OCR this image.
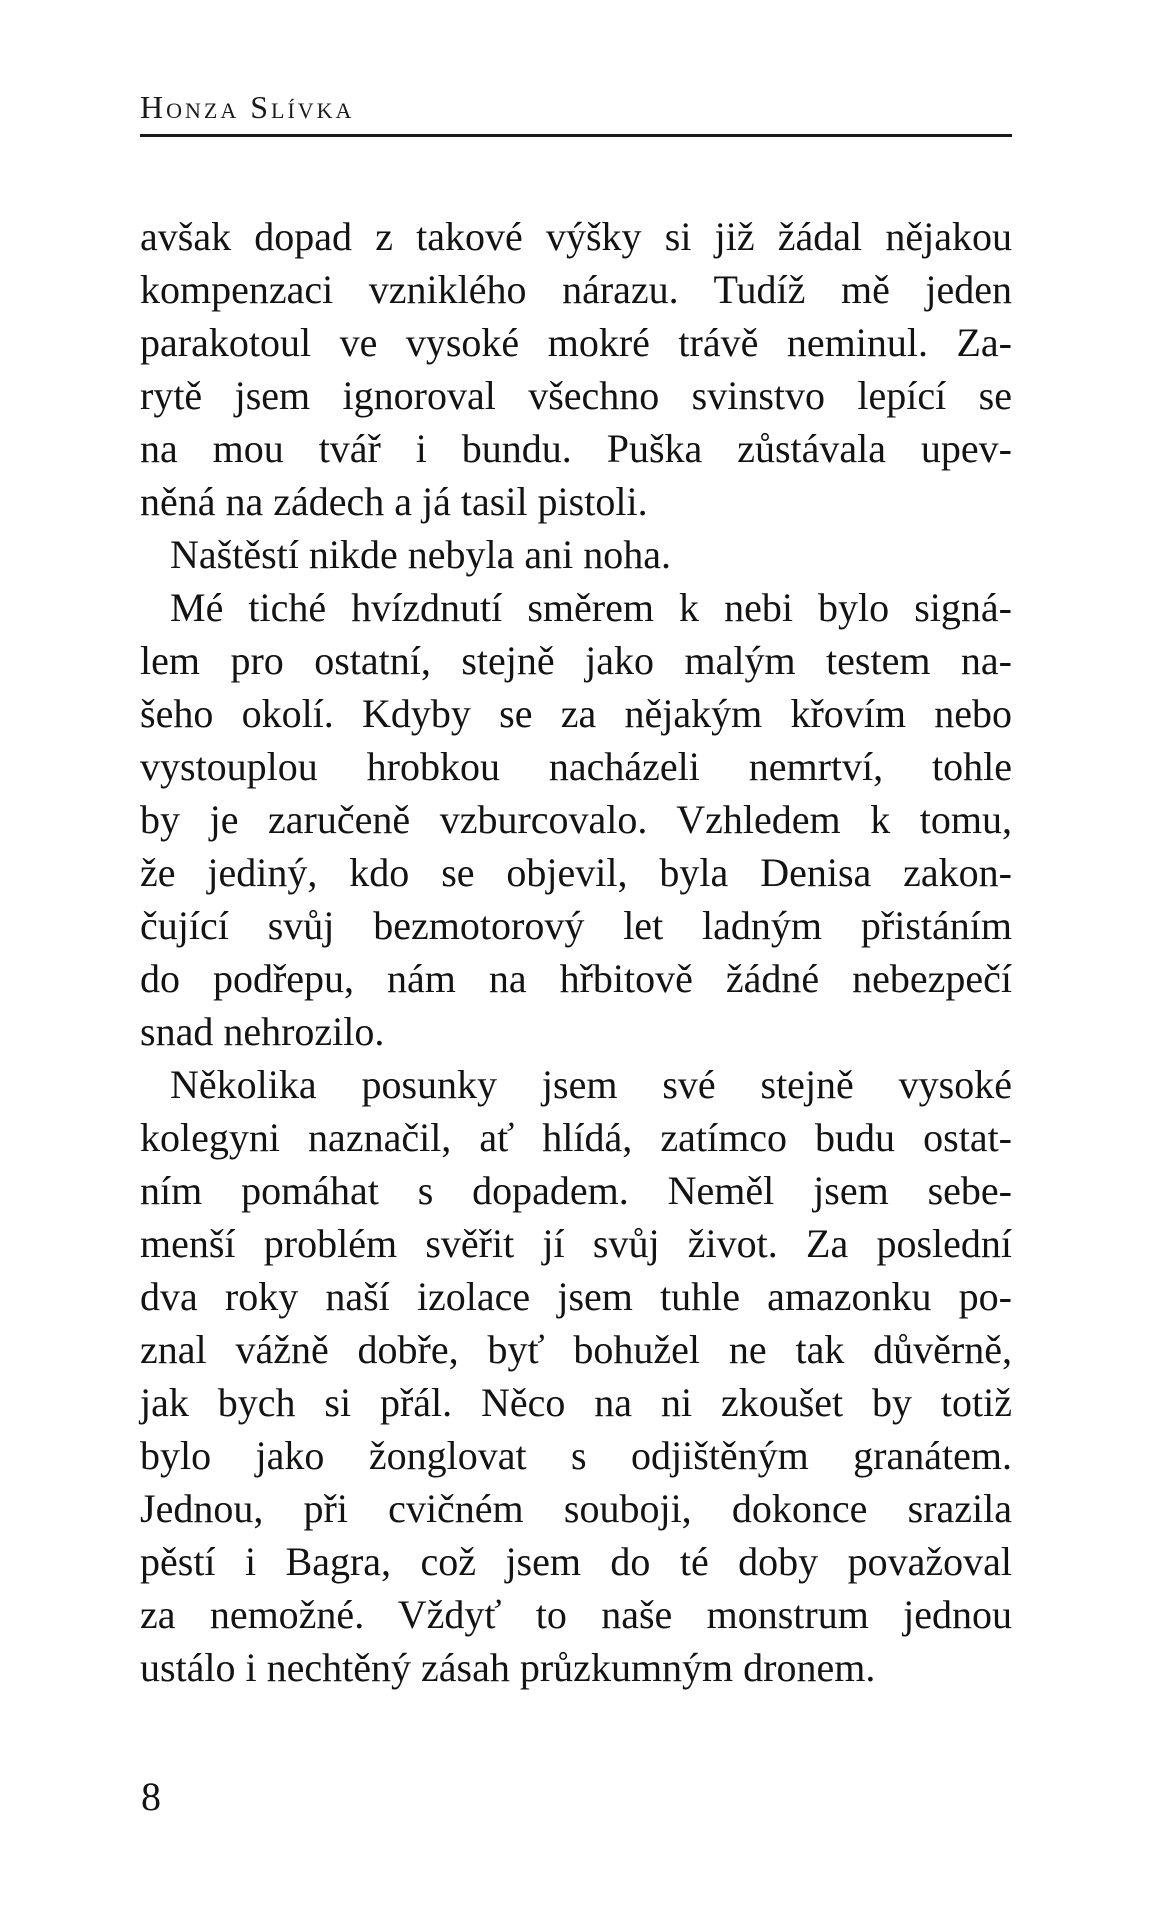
Honza Slívka
avšak dopad z takové výšky si již žádal nějakou
kompenzaci vzniklého nárazu. Tudíž mě jeden
parakotoul ve vysoké mokré trávě neminul. Za-
rytě jsem ignoroval všechno svinstvo lepící se
na mou tvář i bundu. Puška zůstávala upev-
něná na zádech a já tasil pistoli.
Naštěstí nikde nebyla ani noha.
Mé tiché hvízdnutí směrem k nebi bylo signá-
lem pro ostatní, stejně jako malým testem na-
šeho okolí. Kdyby se za nějakým křovím nebo
vystouplou hrobkou nacházeli nemrtví, tohle
by je zaručeně vzburcovalo. Vzhledem k tomu,
že jediný, kdo se objevil, byla Denisa zakon-
čující svůj bezmotorový let ladným přistáním
do podřepu, nám na hřbitově žádné nebezpečí
snad nehrozilo.
Několika posunky jsem své stejně vysoké
kolegyni naznačil, ať hlídá, zatímco budu ostat-
ním pomáhat s dopadem. Neměl jsem sebe-
menší problém svěřit jí svůj život. Za poslední
dva roky naší izolace jsem tuhle amazonku po-
znal vážně dobře, byť bohužel ne tak důvěrně,
jak bych si přál. Něco na ni zkoušet by totiž
bylo jako žonglovat s odjištěným granátem.
Jednou, při cvičném souboji, dokonce srazila
pěstí i Bagra, což jsem do té doby považoval
za nemožné. Vždyť to naše monstrum jednou
ustálo i nechtěný zásah průzkumným dronem.
8
